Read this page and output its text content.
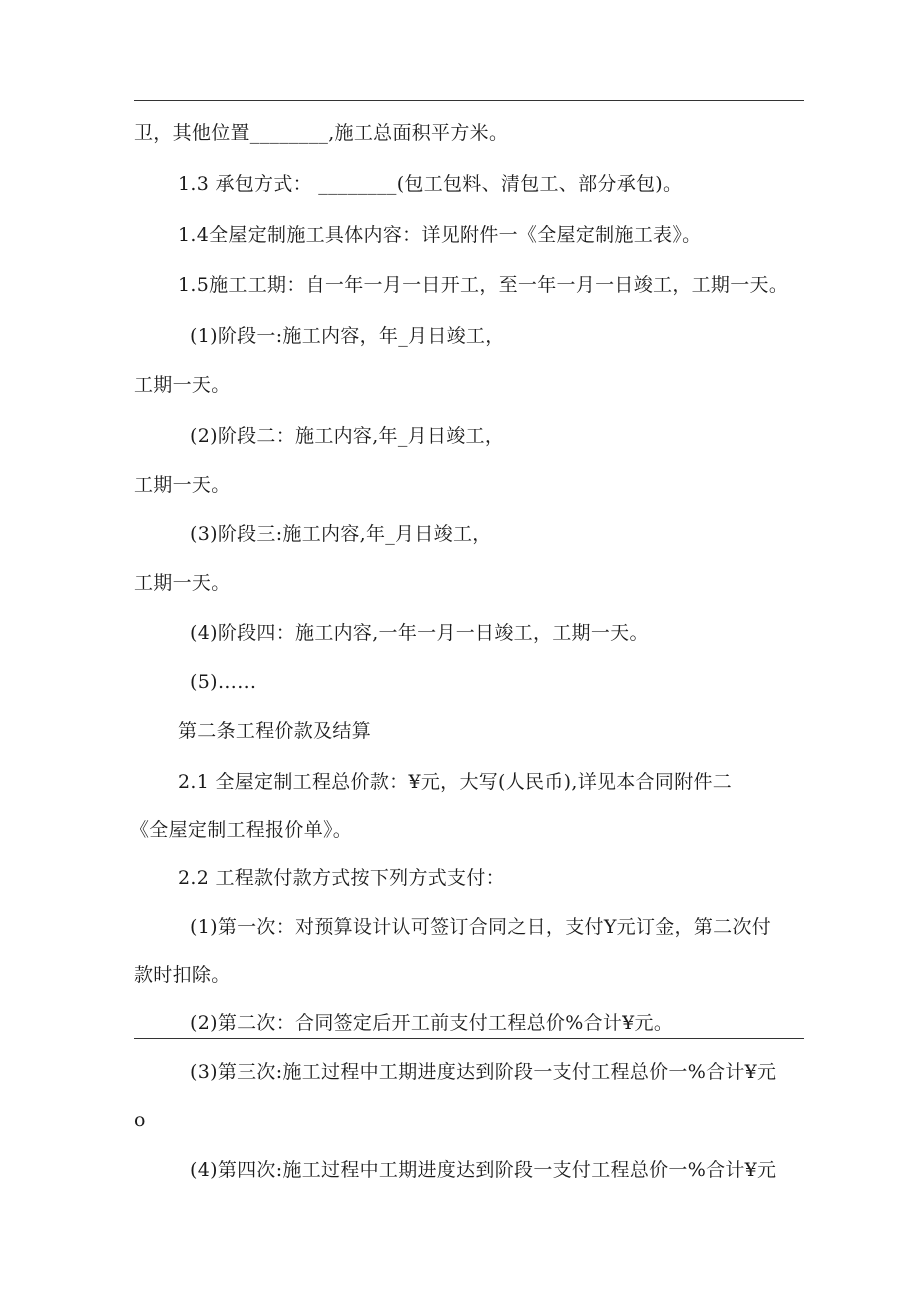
卫，其他位置________,施工总面积平方米。
1.3 承包方式： ________(包工包料、清包工、部分承包)。
1.4全屋定制施工具体内容：详见附件一《全屋定制施工表》。
1.5施工工期：自一年一月一日开工，至一年一月一日竣工，工期一天。
(1)阶段一:施工内容，年_月日竣工，
工期一天。
(2)阶段二：施工内容,年_月日竣工，
工期一天。
(3)阶段三:施工内容,年_月日竣工，
工期一天。
(4)阶段四：施工内容,一年一月一日竣工，工期一天。
(5)……
第二条工程价款及结算
2.1 全屋定制工程总价款：¥元，大写(人民币),详见本合同附件二
《全屋定制工程报价单》。
2.2 工程款付款方式按下列方式支付：
(1)第一次：对预算设计认可签订合同之日，支付Y元订金，第二次付
款时扣除。
(2)第二次：合同签定后开工前支付工程总价%合计¥元。
(3)第三次:施工过程中工期进度达到阶段一支付工程总价一%合计¥元
o
(4)第四次:施工过程中工期进度达到阶段一支付工程总价一%合计¥元
